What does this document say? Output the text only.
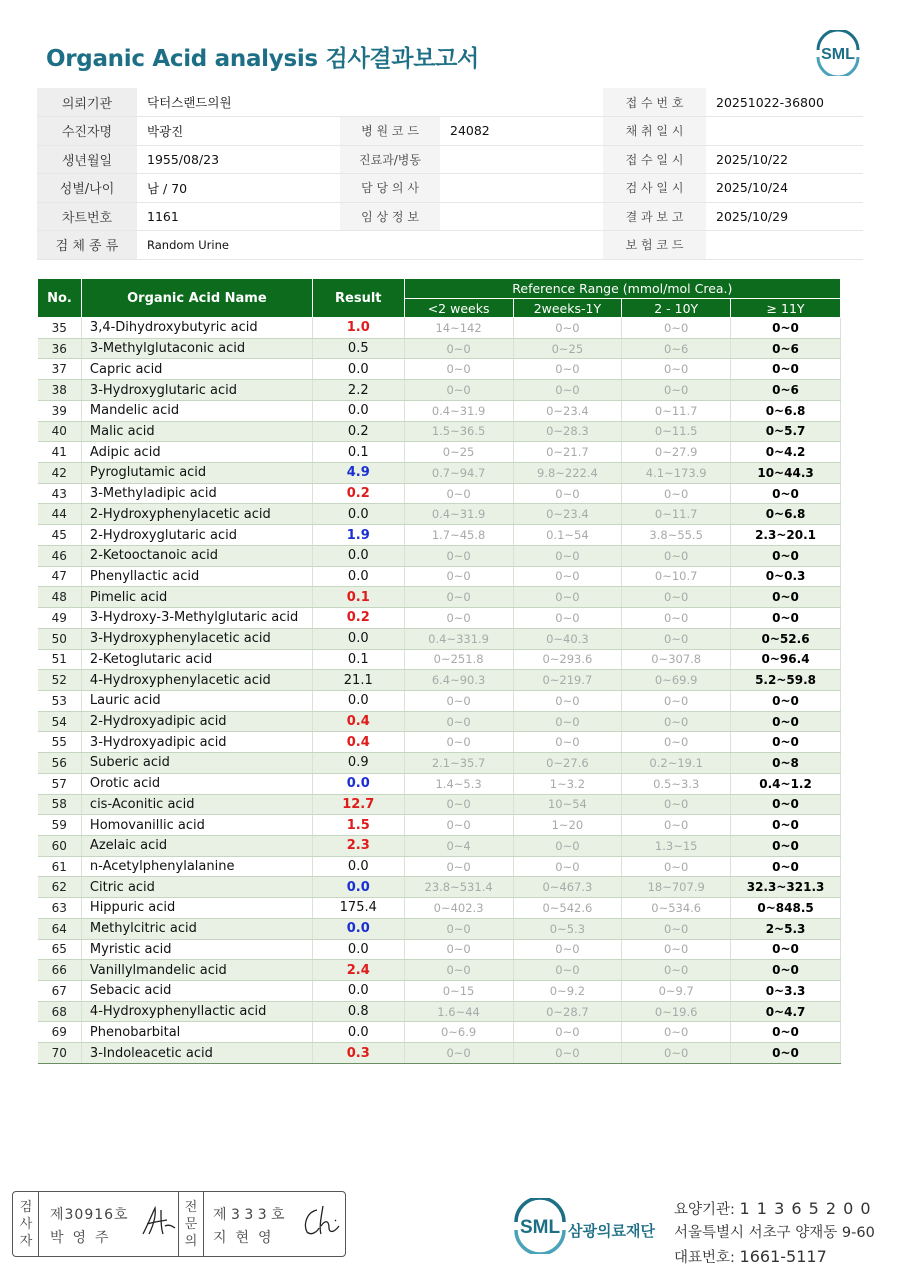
Organic Acid analysis 검사결과보고서	SML
의뢰기관	닥터스랜드의원			접 수 번 호	20251022-36800
수진자명	박광진	병 원 코 드	24082	채 취 일 시	
생년월일	1955/08/23	진료과/병동		접 수 일 시	2025/10/22
성별/나이	남 / 70	담 당 의 사		검 사 일 시	2025/10/24
차트번호	1161	임 상 정 보		결 과 보 고	2025/10/29
검 체 종 류	Random Urine			보 험 코 드	
No.	Organic Acid Name	Result	Reference Range (mmol/mol Crea.)			
			<2 weeks	2weeks-1Y	2 - 10Y	≥ 11Y
35	3,4-Dihydroxybutyric acid	1.0	14~142	0~0	0~0	0~0
36	3-Methylglutaconic acid	0.5	0~0	0~25	0~6	0~6
37	Capric acid	0.0	0~0	0~0	0~0	0~0
38	3-Hydroxyglutaric acid	2.2	0~0	0~0	0~0	0~6
39	Mandelic acid	0.0	0.4~31.9	0~23.4	0~11.7	0~6.8
40	Malic acid	0.2	1.5~36.5	0~28.3	0~11.5	0~5.7
41	Adipic acid	0.1	0~25	0~21.7	0~27.9	0~4.2
42	Pyroglutamic acid	4.9	0.7~94.7	9.8~222.4	4.1~173.9	10~44.3
43	3-Methyladipic acid	0.2	0~0	0~0	0~0	0~0
44	2-Hydroxyphenylacetic acid	0.0	0.4~31.9	0~23.4	0~11.7	0~6.8
45	2-Hydroxyglutaric acid	1.9	1.7~45.8	0.1~54	3.8~55.5	2.3~20.1
46	2-Ketooctanoic acid	0.0	0~0	0~0	0~0	0~0
47	Phenyllactic acid	0.0	0~0	0~0	0~10.7	0~0.3
48	Pimelic acid	0.1	0~0	0~0	0~0	0~0
49	3-Hydroxy-3-Methylglutaric acid	0.2	0~0	0~0	0~0	0~0
50	3-Hydroxyphenylacetic acid	0.0	0.4~331.9	0~40.3	0~0	0~52.6
51	2-Ketoglutaric acid	0.1	0~251.8	0~293.6	0~307.8	0~96.4
52	4-Hydroxyphenylacetic acid	21.1	6.4~90.3	0~219.7	0~69.9	5.2~59.8
53	Lauric acid	0.0	0~0	0~0	0~0	0~0
54	2-Hydroxyadipic acid	0.4	0~0	0~0	0~0	0~0
55	3-Hydroxyadipic acid	0.4	0~0	0~0	0~0	0~0
56	Suberic acid	0.9	2.1~35.7	0~27.6	0.2~19.1	0~8
57	Orotic acid	0.0	1.4~5.3	1~3.2	0.5~3.3	0.4~1.2
58	cis-Aconitic acid	12.7	0~0	10~54	0~0	0~0
59	Homovanillic acid	1.5	0~0	1~20	0~0	0~0
60	Azelaic acid	2.3	0~4	0~0	1.3~15	0~0
61	n-Acetylphenylalanine	0.0	0~0	0~0	0~0	0~0
62	Citric acid	0.0	23.8~531.4	0~467.3	18~707.9	32.3~321.3
63	Hippuric acid	175.4	0~402.3	0~542.6	0~534.6	0~848.5
64	Methylcitric acid	0.0	0~0	0~5.3	0~0	2~5.3
65	Myristic acid	0.0	0~0	0~0	0~0	0~0
66	Vanillylmandelic acid	2.4	0~0	0~0	0~0	0~0
67	Sebacic acid	0.0	0~15	0~9.2	0~9.7	0~3.3
68	4-Hydroxyphenyllactic acid	0.8	1.6~44	0~28.7	0~19.6	0~4.7
69	Phenobarbital	0.0	0~6.9	0~0	0~0	0~0
70	3-Indoleacetic acid	0.3	0~0	0~0	0~0	0~0
검
사
자
제30916호
박영주
전
문
의
제 3 3 3 호
지현영	SML 삼광의료재단
요양기관: 1 1 3 6 5 2 0 0
서울특별시 서초구 양재동 9-60
대표번호: 1661-5117
